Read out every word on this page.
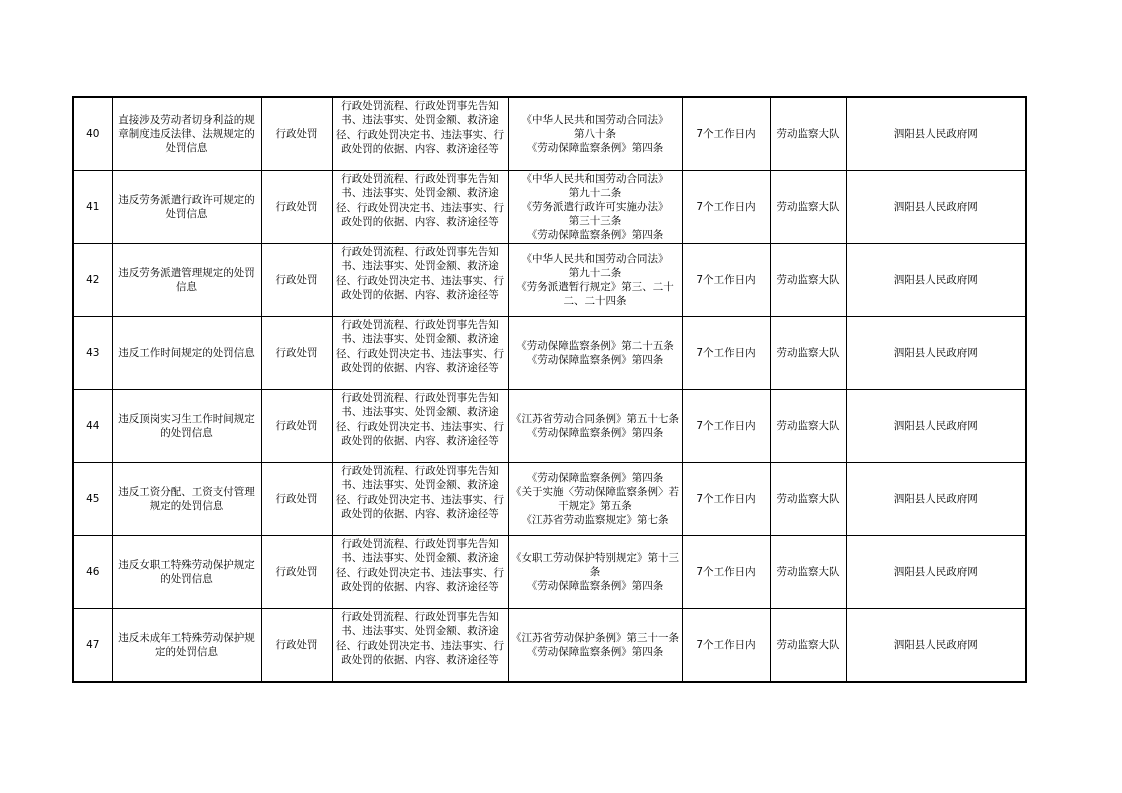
40	直接涉及劳动者切身利益的规章制度违反法律、法规规定的处罚信息	行政处罚	行政处罚流程、行政处罚事先告知书、违法事实、处罚金额、救济途径、行政处罚决定书、违法事实、行政处罚的依据、内容、救济途径等	《中华人民共和国劳动合同法》
第八十条
《劳动保障监察条例》第四条	7个工作日内	劳动监察大队	泗阳县人民政府网
41	违反劳务派遣行政许可规定的处罚信息	行政处罚	行政处罚流程、行政处罚事先告知书、违法事实、处罚金额、救济途径、行政处罚决定书、违法事实、行政处罚的依据、内容、救济途径等	《中华人民共和国劳动合同法》
第九十二条
《劳务派遣行政许可实施办法》
第三十三条
《劳动保障监察条例》第四条	7个工作日内	劳动监察大队	泗阳县人民政府网
42	违反劳务派遣管理规定的处罚信息	行政处罚	行政处罚流程、行政处罚事先告知书、违法事实、处罚金额、救济途径、行政处罚决定书、违法事实、行政处罚的依据、内容、救济途径等	《中华人民共和国劳动合同法》
第九十二条
《劳务派遣暂行规定》第三、二十二、二十四条	7个工作日内	劳动监察大队	泗阳县人民政府网
43	违反工作时间规定的处罚信息	行政处罚	行政处罚流程、行政处罚事先告知书、违法事实、处罚金额、救济途径、行政处罚决定书、违法事实、行政处罚的依据、内容、救济途径等	《劳动保障监察条例》第二十五条
《劳动保障监察条例》第四条	7个工作日内	劳动监察大队	泗阳县人民政府网
44	违反顶岗实习生工作时间规定的处罚信息	行政处罚	行政处罚流程、行政处罚事先告知书、违法事实、处罚金额、救济途径、行政处罚决定书、违法事实、行政处罚的依据、内容、救济途径等	《江苏省劳动合同条例》第五十七条
《劳动保障监察条例》第四条	7个工作日内	劳动监察大队	泗阳县人民政府网
45	违反工资分配、工资支付管理规定的处罚信息	行政处罚	行政处罚流程、行政处罚事先告知书、违法事实、处罚金额、救济途径、行政处罚决定书、违法事实、行政处罚的依据、内容、救济途径等	《劳动保障监察条例》第四条
《关于实施〈劳动保障监察条例〉若干规定》第五条
《江苏省劳动监察规定》第七条	7个工作日内	劳动监察大队	泗阳县人民政府网
46	违反女职工特殊劳动保护规定的处罚信息	行政处罚	行政处罚流程、行政处罚事先告知书、违法事实、处罚金额、救济途径、行政处罚决定书、违法事实、行政处罚的依据、内容、救济途径等	《女职工劳动保护特别规定》第十三条
《劳动保障监察条例》第四条	7个工作日内	劳动监察大队	泗阳县人民政府网
47	违反未成年工特殊劳动保护规定的处罚信息	行政处罚	行政处罚流程、行政处罚事先告知书、违法事实、处罚金额、救济途径、行政处罚决定书、违法事实、行政处罚的依据、内容、救济途径等	《江苏省劳动保护条例》第三十一条
《劳动保障监察条例》第四条	7个工作日内	劳动监察大队	泗阳县人民政府网
